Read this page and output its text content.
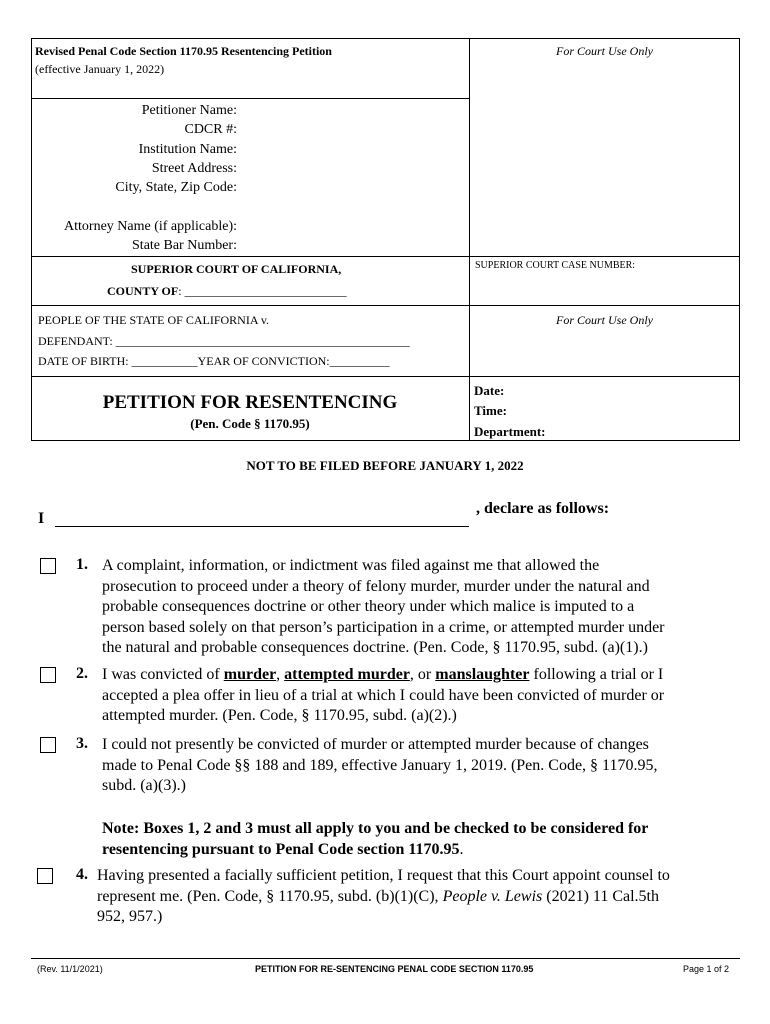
Revised Penal Code Section 1170.95 Resentencing Petition
(effective January 1, 2022)
For Court Use Only
Petitioner Name:
CDCR #:
Institution Name:
Street Address:
City, State, Zip Code:
Attorney Name (if applicable):
State Bar Number:
SUPERIOR COURT OF CALIFORNIA,
COUNTY OF: ___________________________
SUPERIOR COURT CASE NUMBER:
PEOPLE OF THE STATE OF CALIFORNIA v.
DEFENDANT: _________________________________________________
DATE OF BIRTH: ___________YEAR OF CONVICTION:__________
For Court Use Only
PETITION FOR RESENTENCING
(Pen. Code § 1170.95)
Date:
Time:
Department:
NOT TO BE FILED BEFORE JANUARY 1, 2022
I
, declare as follows:
1. A complaint, information, or indictment was filed against me that allowed the
prosecution to proceed under a theory of felony murder, murder under the natural and
probable consequences doctrine or other theory under which malice is imputed to a
person based solely on that person’s participation in a crime, or attempted murder under
the natural and probable consequences doctrine. (Pen. Code, § 1170.95, subd. (a)(1).)
2. I was convicted of murder, attempted murder, or manslaughter following a trial or I
accepted a plea offer in lieu of a trial at which I could have been convicted of murder or
attempted murder. (Pen. Code, § 1170.95, subd. (a)(2).)
3. I could not presently be convicted of murder or attempted murder because of changes
made to Penal Code §§ 188 and 189, effective January 1, 2019. (Pen. Code, § 1170.95,
subd. (a)(3).)
Note: Boxes 1, 2 and 3 must all apply to you and be checked to be considered for
resentencing pursuant to Penal Code section 1170.95.
4. Having presented a facially sufficient petition, I request that this Court appoint counsel to
represent me. (Pen. Code, § 1170.95, subd. (b)(1)(C), People v. Lewis (2021) 11 Cal.5th
952, 957.)
(Rev. 11/1/2021)	PETITION FOR RE-SENTENCING PENAL CODE SECTION 1170.95	Page 1 of 2
